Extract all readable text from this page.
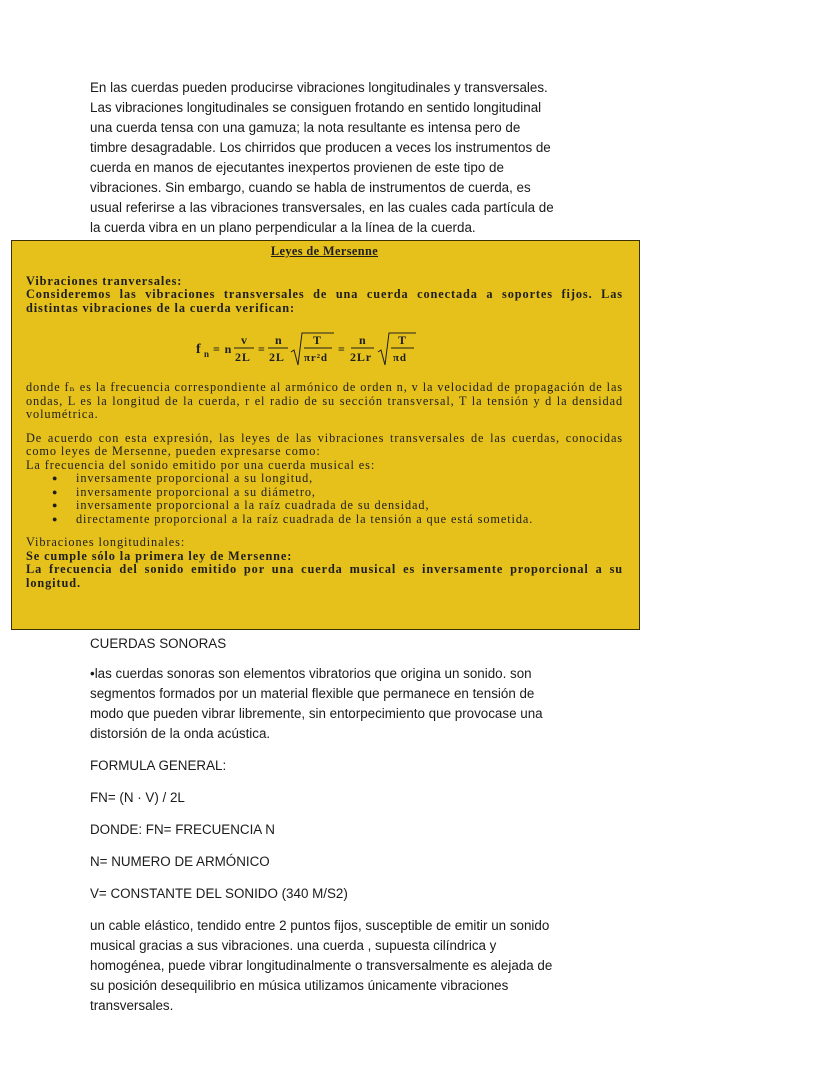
En las cuerdas pueden producirse vibraciones longitudinales y transversales.

Las vibraciones longitudinales se consiguen frotando en sentido longitudinal

una cuerda tensa con una gamuza; la nota resultante es intensa pero de

timbre desagradable. Los chirridos que producen a veces los instrumentos de

cuerda en manos de ejecutantes inexpertos provienen de este tipo de

vibraciones. Sin embargo, cuando se habla de instrumentos de cuerda, es

usual referirse a las vibraciones transversales, en las cuales cada partícula de

la cuerda vibra en un plano perpendicular a la línea de la cuerda.

Leyes de Mersenne

Vibraciones tranversales:

Consideremos las vibraciones transversales de una cuerda conectada a soportes fijos. Las distintas vibraciones de la cuerda verifican:

f n = n
v
2L
=
n
2L
T
πr²d
=
n
2Lr
T
πd

donde fₙ es la frecuencia correspondiente al armónico de orden n, v la velocidad de propagación de las ondas, L es la longitud de la cuerda, r el radio de su sección transversal, T la tensión y d la densidad volumétrica.

De acuerdo con esta expresión, las leyes de las vibraciones transversales de las cuerdas, conocidas como leyes de Mersenne, pueden expresarse como:

La frecuencia del sonido emitido por una cuerda musical es:

● inversamente proporcional a su longitud,
● inversamente proporcional a su diámetro,
● inversamente proporcional a la raíz cuadrada de su densidad,
● directamente proporcional a la raíz cuadrada de la tensión a que está sometida.

Vibraciones longitudinales:

Se cumple sólo la primera ley de Mersenne:

La frecuencia del sonido emitido por una cuerda musical es inversamente proporcional a su longitud.

CUERDAS SONORAS

•las cuerdas sonoras son elementos vibratorios que origina un sonido. son segmentos formados por un material flexible que permanece en tensión de modo que pueden vibrar libremente, sin entorpecimiento que provocase una distorsión de la onda acústica.

FORMULA GENERAL:

FN= (N · V) / 2L

DONDE: FN= FRECUENCIA N

N= NUMERO DE ARMÓNICO

V= CONSTANTE DEL SONIDO (340 M/S2)

un cable elástico, tendido entre 2 puntos fijos, susceptible de emitir un sonido musical gracias a sus vibraciones. una cuerda , supuesta cilíndrica y homogénea, puede vibrar longitudinalmente o transversalmente es alejada de su posición desequilibrio en música utilizamos únicamente vibraciones transversales.
